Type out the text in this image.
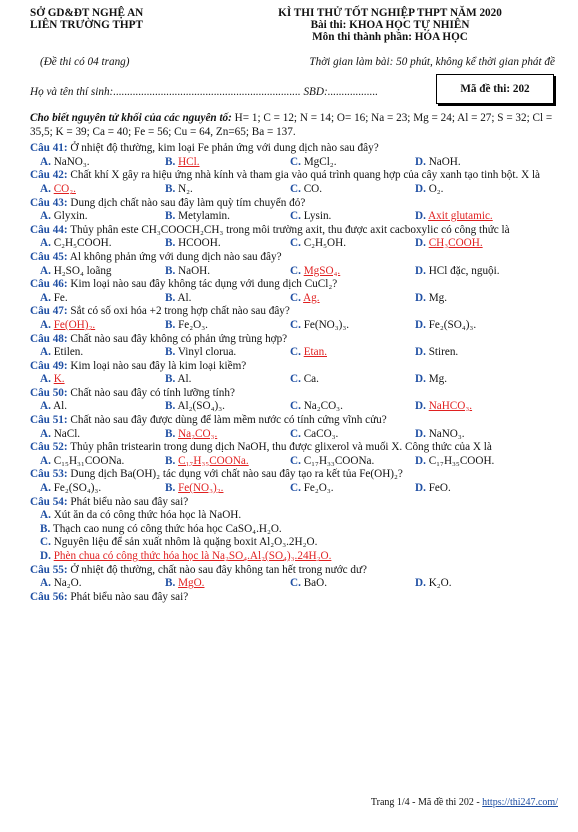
SỞ GD&ĐT NGHỆ AN
LIÊN TRƯỜNG THPT
KÌ THI THỬ TỐT NGHIỆP THPT NĂM 2020
Bài thi: KHOA HỌC TỰ NHIÊN
Môn thi thành phần: HÓA HỌC
(Đề thi có 04 trang)	Thời gian làm bài: 50 phút, không kể thời gian phát đề
Họ và tên thí sinh:................................................................... SBD:..................	Mã đề thi: 202
Cho biết nguyên tử khối của các nguyên tố: H= 1; C = 12; N = 14; O= 16; Na = 23; Mg = 24; Al = 27; S = 32; Cl = 35,5; K = 39; Ca = 40; Fe = 56; Cu = 64, Zn=65; Ba = 137.
Câu 41: Ở nhiệt độ thường, kim loại Fe phản ứng với dung dịch nào sau đây?
A. NaNO₃.	B. HCl.	C. MgCl₂.	D. NaOH.
Câu 42: Chất khí X gây ra hiệu ứng nhà kính và tham gia vào quá trình quang hợp của cây xanh tạo tinh bột. X là
A. CO₂.	B. N₂.	C. CO.	D. O₂.
Câu 43: Dung dịch chất nào sau đây làm quỳ tím chuyển đỏ?
A. Glyxin.	B. Metylamin.	C. Lysin.	D. Axit glutamic.
Câu 44: Thủy phân este CH₃COOCH₂CH₃ trong môi trường axit, thu được axit cacboxylic có công thức là
A. C₂H₅COOH.	B. HCOOH.	C. C₂H₅OH.	D. CH₃COOH.
Câu 45: Al không phản ứng với dung dịch nào sau đây?
A. H₂SO₄ loãng	B. NaOH.	C. MgSO₄.	D. HCl đặc, nguội.
Câu 46: Kim loại nào sau đây không tác dụng với dung dịch CuCl₂?
A. Fe.	B. Al.	C. Ag.	D. Mg.
Câu 47: Sắt có số oxi hóa +2 trong hợp chất nào sau đây?
A. Fe(OH)₂.	B. Fe₂O₃.	C. Fe(NO₃)₃.	D. Fe₂(SO₄)₃.
Câu 48: Chất nào sau đây không có phản ứng trùng hợp?
A. Etilen.	B. Vinyl clorua.	C. Etan.	D. Stiren.
Câu 49: Kim loại nào sau đây là kim loại kiềm?
A. K.	B. Al.	C. Ca.	D. Mg.
Câu 50: Chất nào sau đây có tính lưỡng tính?
A. Al.	B. Al₂(SO₄)₃.	C. Na₂CO₃.	D. NaHCO₃.
Câu 51: Chất nào sau đây được dùng để làm mềm nước có tính cứng vĩnh cửu?
A. NaCl.	B. Na₂CO₃.	C. CaCO₃.	D. NaNO₃.
Câu 52: Thủy phân tristearin trong dung dịch NaOH, thu được glixerol và muối X. Công thức của X là
A. C₁₅H₃₁COONa.	B. C₁₇H₃₅COONa.	C. C₁₇H₃₃COONa.	D. C₁₇H₃₅COOH.
Câu 53: Dung dịch Ba(OH)₂ tác dụng với chất nào sau đây tạo ra kết tủa Fe(OH)₂?
A. Fe₂(SO₄)₃.	B. Fe(NO₃)₂.	C. Fe₂O₃.	D. FeO.
Câu 54: Phát biểu nào sau đây sai?
A. Xút ăn da có công thức hóa học là NaOH.
B. Thạch cao nung có công thức hóa học CaSO₄.H₂O.
C. Nguyên liệu để sản xuất nhôm là quặng boxit Al₂O₃.2H₂O.
D. Phèn chua có công thức hóa học là Na₂SO₄.Al₂(SO₄)₃.24H₂O.
Câu 55: Ở nhiệt độ thường, chất nào sau đây không tan hết trong nước dư?
A. Na₂O.	B. MgO.	C. BaO.	D. K₂O.
Câu 56: Phát biểu nào sau đây sai?
Trang 1/4 - Mã đề thi 202 - https://thi247.com/
